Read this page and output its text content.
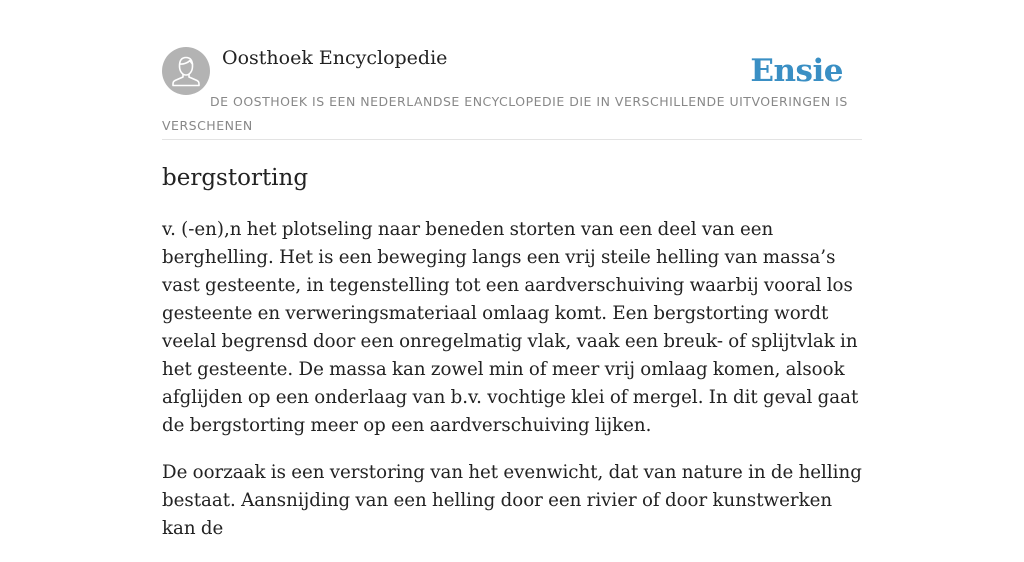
Oosthoek Encyclopedie	Ensie

DE OOSTHOEK IS EEN NEDERLANDSE ENCYCLOPEDIE DIE IN VERSCHILLENDE UITVOERINGEN IS VERSCHENEN

bergstorting

v. (-en),n het plotseling naar beneden storten van een deel van een berghelling. Het is een beweging langs een vrij steile helling van massa’s vast gesteente, in tegenstelling tot een aardverschuiving waarbij vooral los gesteente en verweringsmateriaal omlaag komt. Een bergstorting wordt veelal begrensd door een onregelmatig vlak, vaak een breuk- of splijtvlak in het gesteente. De massa kan zowel min of meer vrij omlaag komen, alsook afglijden op een onderlaag van b.v. vochtige klei of mergel. In dit geval gaat de bergstorting meer op een aardverschuiving lijken.

De oorzaak is een verstoring van het evenwicht, dat van nature in de helling bestaat. Aansnijding van een helling door een rivier of door kunstwerken kan de
